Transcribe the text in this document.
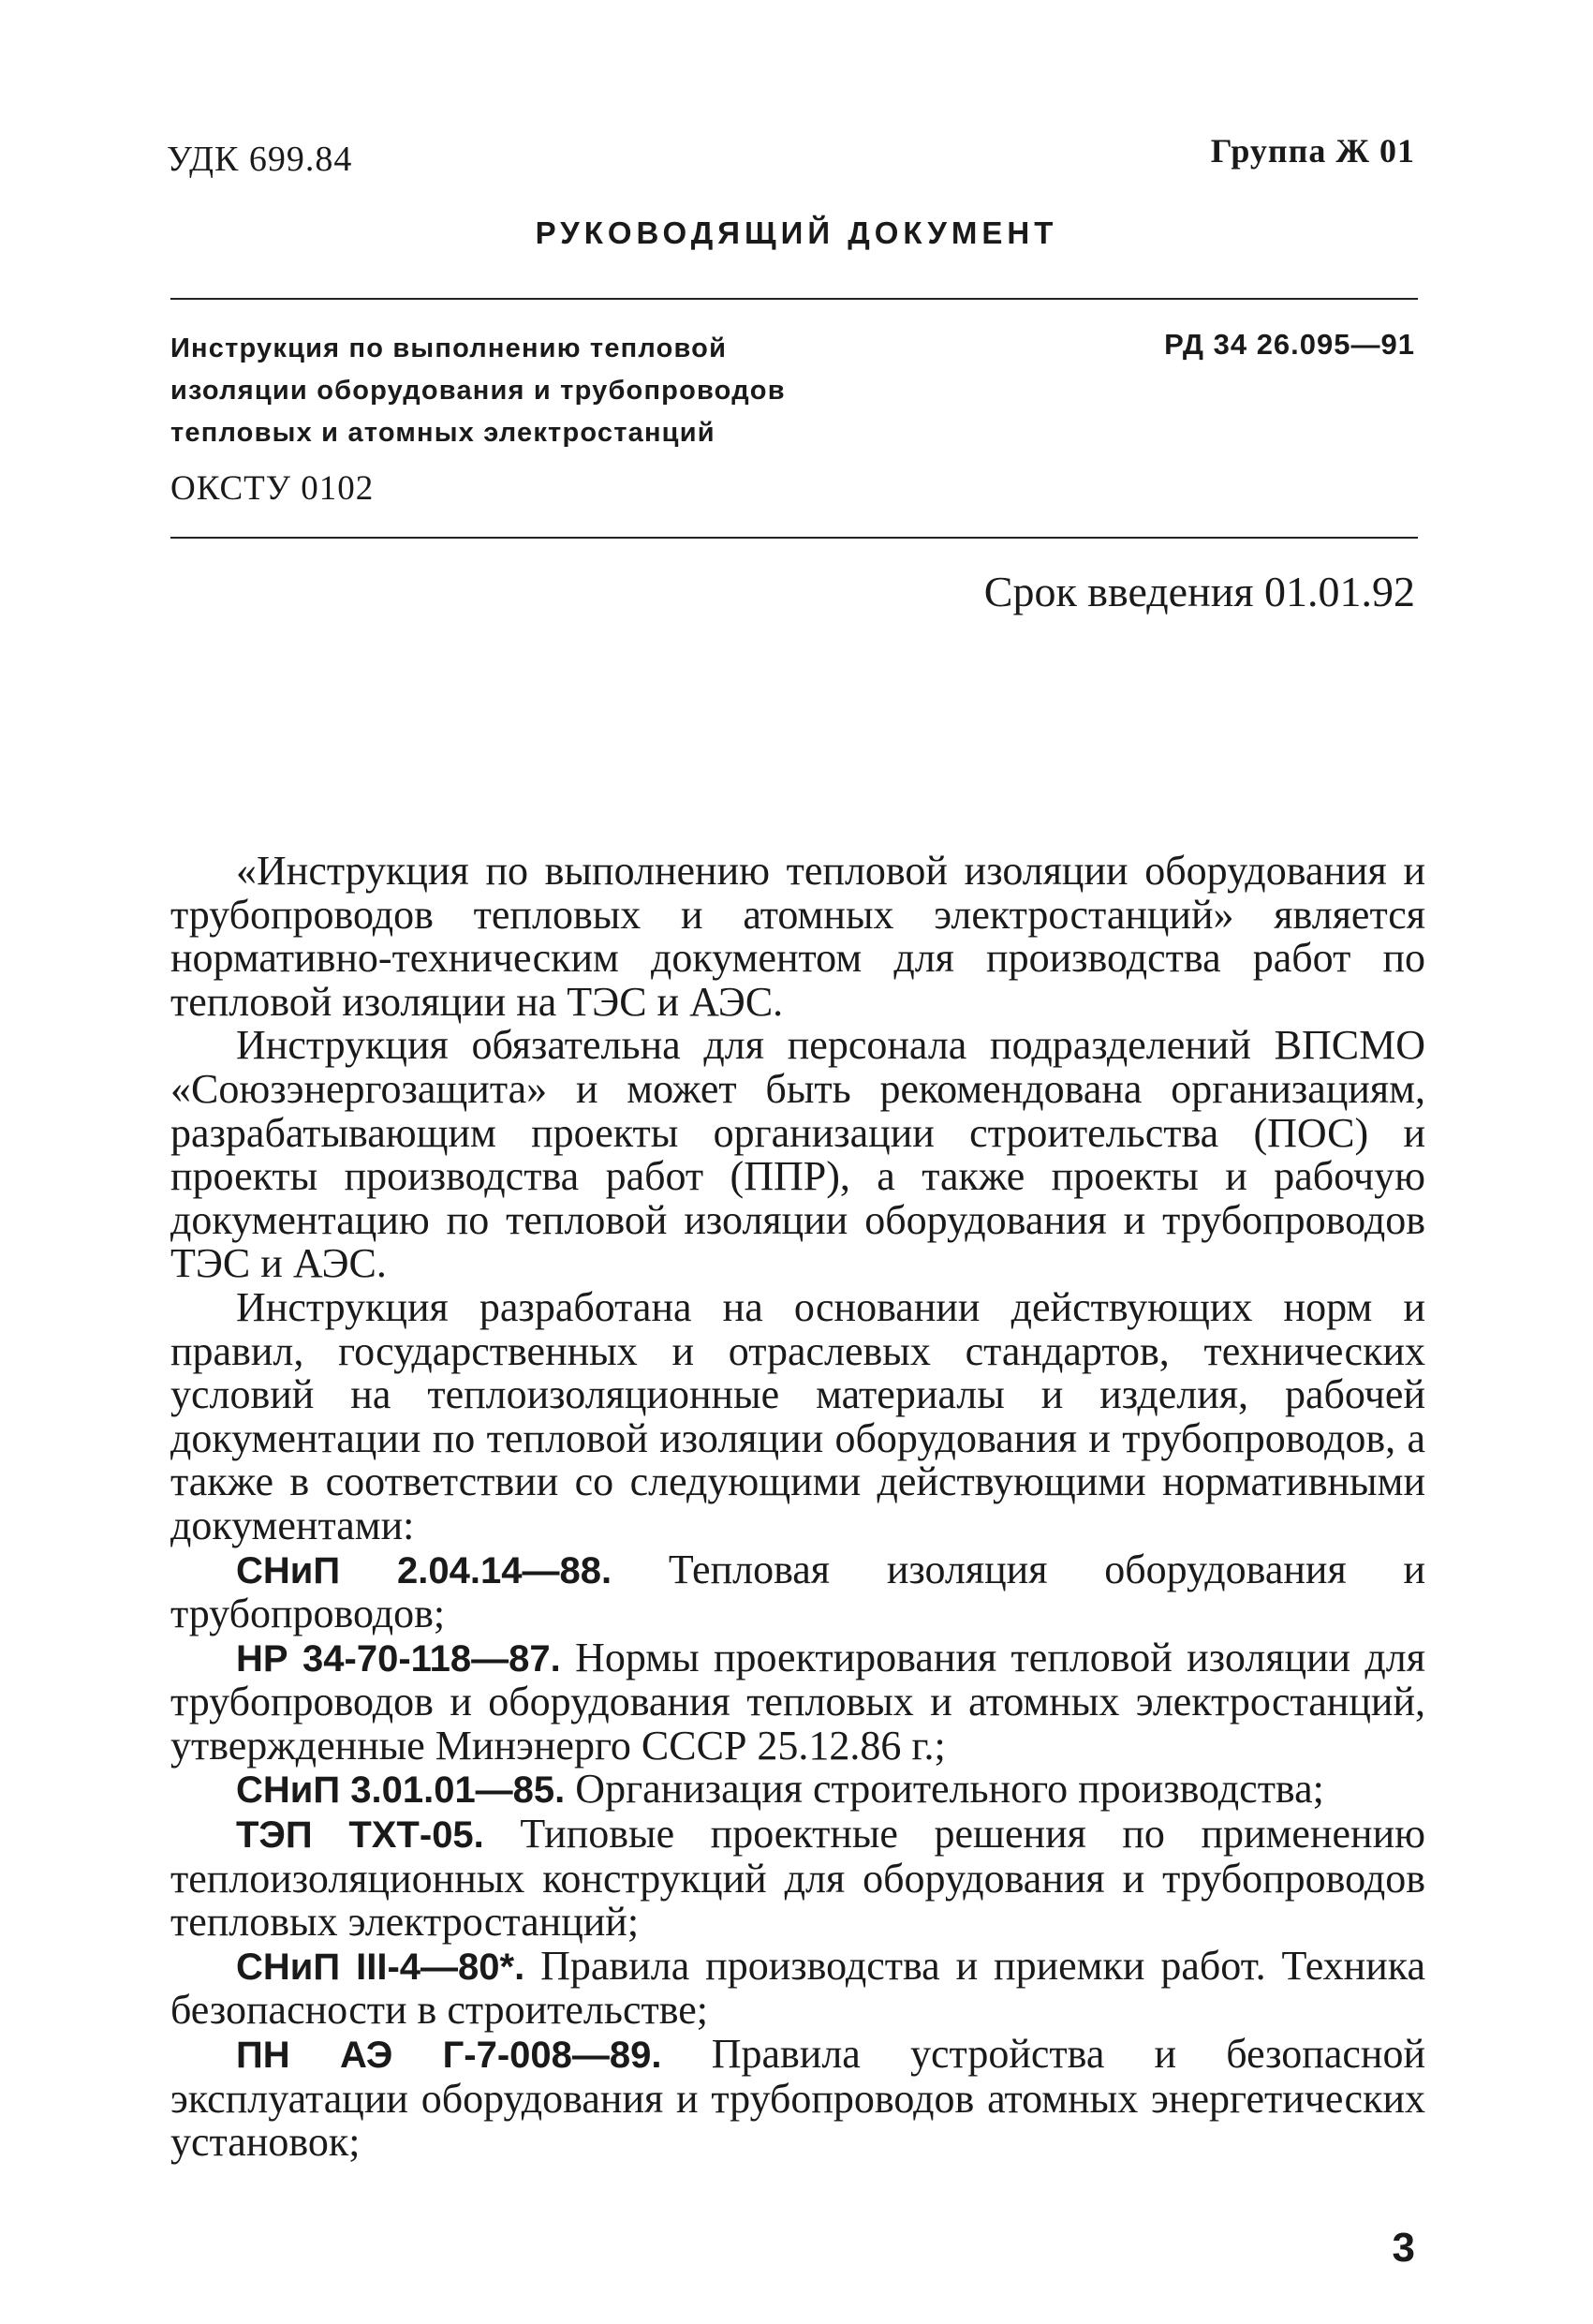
УДК 699.84	Группа Ж 01
РУКОВОДЯЩИЙ ДОКУМЕНТ
Инструкция по выполнению тепловой
изоляции оборудования и трубопроводов
тепловых и атомных электростанций
РД 34 26.095—91
ОКСТУ 0102
Срок введения 01.01.92

«Инструкция по выполнению тепловой изоляции оборудования и трубопроводов тепловых и атомных электростанций» является нормативно-техническим документом для производства работ по тепловой изоляции на ТЭС и АЭС.

Инструкция обязательна для персонала подразделений ВПСМО «Союзэнергозащита» и может быть рекомендована организациям, разрабатывающим проекты организации строительства (ПОС) и проекты производства работ (ППР), а также проекты и рабочую документацию по тепловой изоляции оборудования и трубопроводов ТЭС и АЭС.

Инструкция разработана на основании действующих норм и правил, государственных и отраслевых стандартов, технических условий на теплоизоляционные материалы и изделия, рабочей документации по тепловой изоляции оборудования и трубопроводов, а также в соответствии со следующими действующими нормативными документами:

СНиП 2.04.14—88. Тепловая изоляция оборудования и трубопроводов;

НР 34-70-118—87. Нормы проектирования тепловой изоляции для трубопроводов и оборудования тепловых и атомных электростанций, утвержденные Минэнерго СССР 25.12.86 г.;

СНиП 3.01.01—85. Организация строительного производства;

ТЭП ТХТ-05. Типовые проектные решения по применению теплоизоляционных конструкций для оборудования и трубопроводов тепловых электростанций;

СНиП III-4—80*. Правила производства и приемки работ. Техника безопасности в строительстве;

ПН АЭ Г-7-008—89. Правила устройства и безопасной эксплуатации оборудования и трубопроводов атомных энергетических установок;

3
